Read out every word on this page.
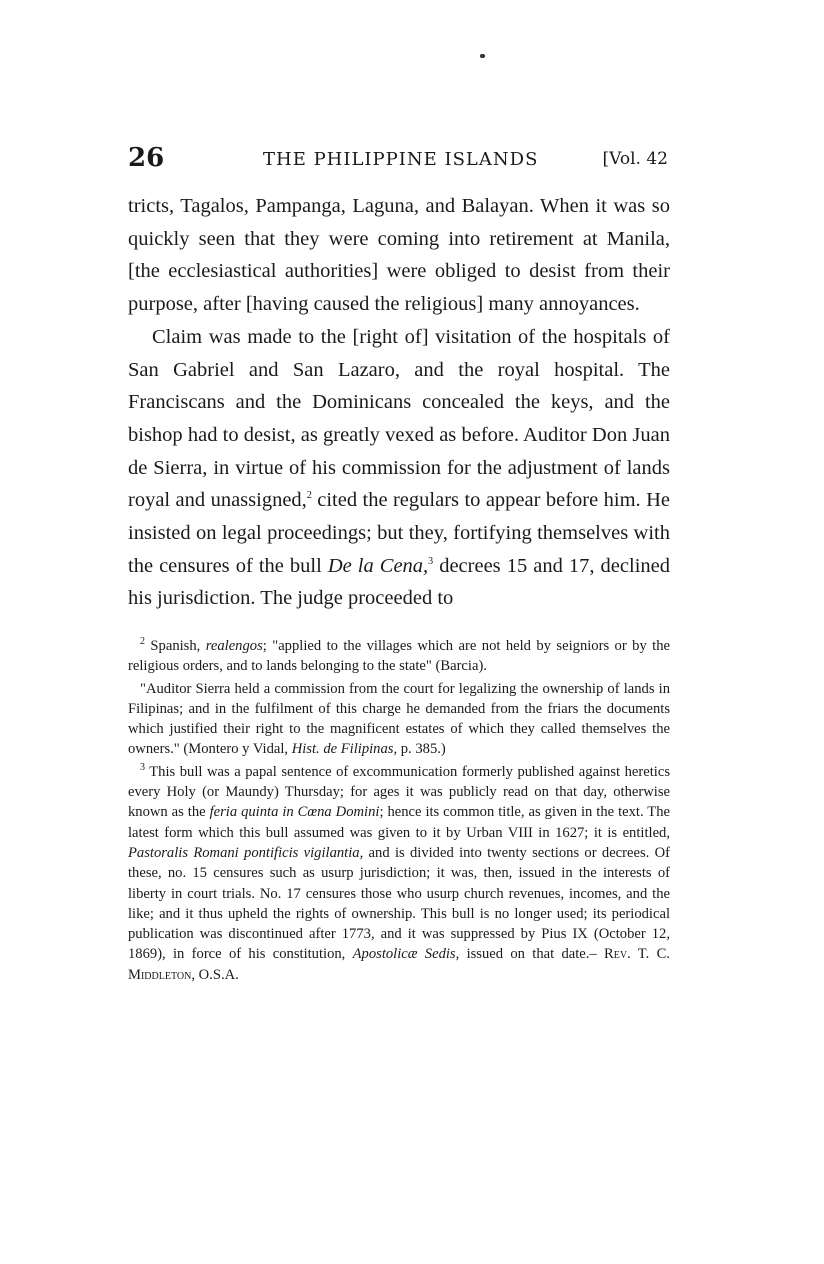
26	THE PHILIPPINE ISLANDS	[Vol. 42

tricts, Tagalos, Pampanga, Laguna, and Balayan. When it was so quickly seen that they were coming into retirement at Manila, [the ecclesiastical authorities] were obliged to desist from their purpose, after [having caused the religious] many annoyances.

Claim was made to the [right of] visitation of the hospitals of San Gabriel and San Lazaro, and the royal hospital. The Franciscans and the Dominicans concealed the keys, and the bishop had to desist, as greatly vexed as before. Auditor Don Juan de Sierra, in virtue of his commission for the adjustment of lands royal and unassigned,$^2$ cited the regulars to appear before him. He insisted on legal proceedings; but they, fortifying themselves with the censures of the bull De la Cena,$^3$ decrees 15 and 17, declined his jurisdiction. The judge proceeded to

$^2$ Spanish, realengos; "applied to the villages which are not held by seigniors or by the religious orders, and to lands belonging to the state" (Barcia).

"Auditor Sierra held a commission from the court for legalizing the ownership of lands in Filipinas; and in the fulfilment of this charge he demanded from the friars the documents which justified their right to the magnificent estates of which they called themselves the owners." (Montero y Vidal, Hist. de Filipinas, p. 385.)

$^3$ This bull was a papal sentence of excommunication formerly published against heretics every Holy (or Maundy) Thursday; for ages it was publicly read on that day, otherwise known as the feria quinta in Cœna Domini; hence its common title, as given in the text. The latest form which this bull assumed was given to it by Urban VIII in 1627; it is entitled, Pastoralis Romani pontificis vigilantia, and is divided into twenty sections or decrees. Of these, no. 15 censures such as usurp jurisdiction; it was, then, issued in the interests of liberty in court trials. No. 17 censures those who usurp church revenues, incomes, and the like; and it thus upheld the rights of ownership. This bull is no longer used; its periodical publication was discontinued after 1773, and it was suppressed by Pius IX (October 12, 1869), in force of his constitution, Apostolicæ Sedis, issued on that date.– Rev. T. C. Middleton, O.S.A.
